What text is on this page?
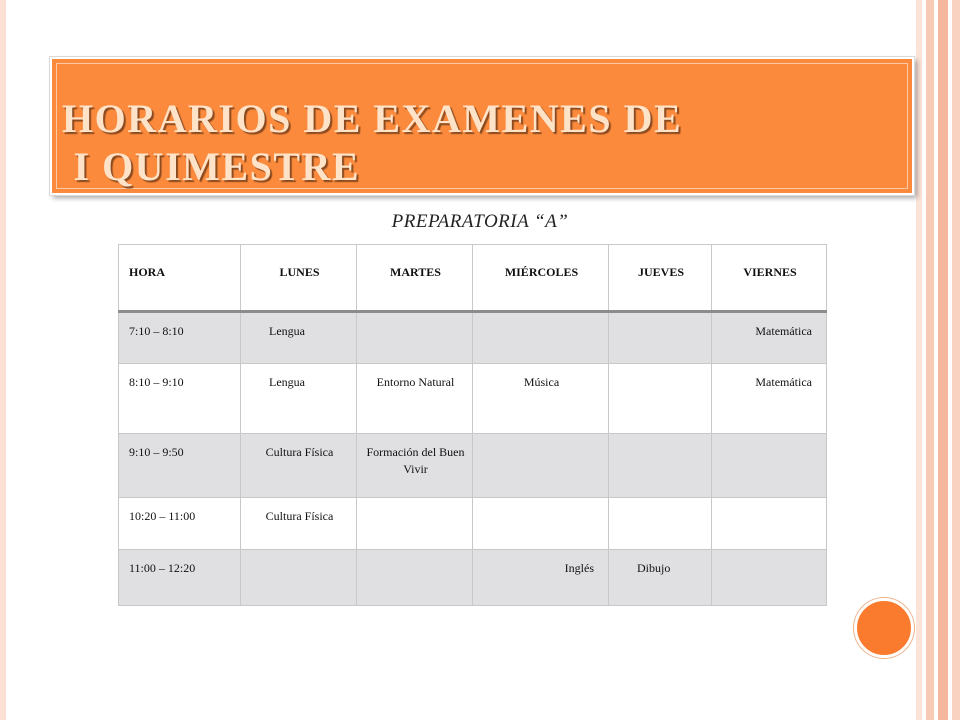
HORARIOS DE EXAMENES DE
I QUIMESTRE
PREPARATORIA “A”
HORA	LUNES	MARTES	MIÉRCOLES	JUEVES	VIERNES
7:10 – 8:10	Lengua				Matemática
8:10 – 9:10	Lengua	Entorno Natural	Música		Matemática
9:10 – 9:50	Cultura Física	Formación del Buen Vivir			
10:20 – 11:00	Cultura Física				
11:00 – 12:20			Inglés	Dibujo	
